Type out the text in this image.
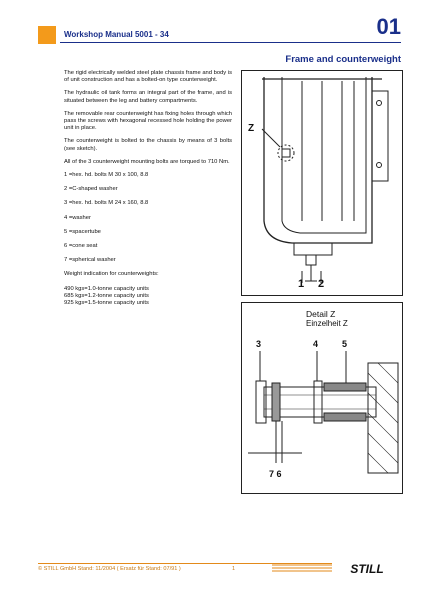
Workshop Manual 5001 - 34	01
Frame and counterweight

The rigid electrically welded steel plate chassis frame and body is of unit construction and has a bolted-on type counterweight.

The hydraulic oil tank forms an integral part of the frame, and is situated between the leg and battery compartments.

The removable rear counterweight has fixing holes through which pass the screws with hexagonal recessed hole holding the power unit in place.

The counterweight is bolted to the chassis by means of 3 bolts (see sketch).

All of the 3 counterweight mounting bolts are torqued to 710 Nm.

1 =hex. hd. bolts M 30 x 100, 8.8
2 =C-shaped washer
3 =hex. hd. bolts M 24 x 160, 8.8
4 =washer
5 =spacertube
6 =cone seat
7 =spherical washer
Weight indication for counterweights:
490 kgs=1.0-tonne capacity units
685 kgs=1.2-tonne capacity units
925 kgs=1.5-tonne capacity units
Z
1 2
Detail Z
Einzelheit Z
3	4	5
7 6
© STILL GmbH Stand: 11/2004 ( Ersatz für Stand: 07/91 )	1	STILL
